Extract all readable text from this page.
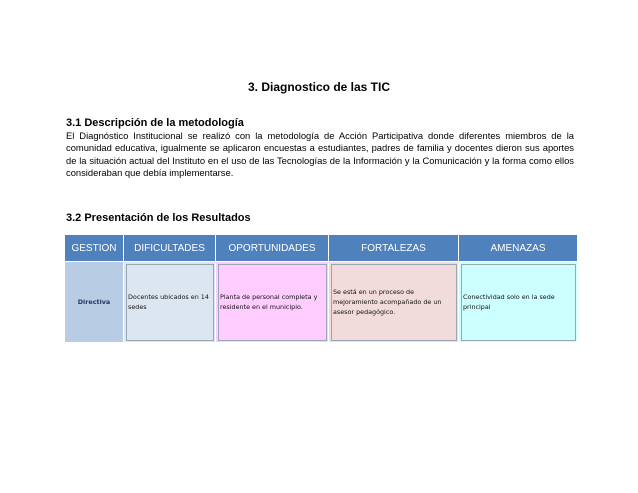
3. Diagnostico de las TIC
3.1 Descripción de la metodología
El Diagnóstico Institucional se realizó con la metodología de Acción Participativa donde diferentes miembros de la comunidad educativa, igualmente se aplicaron encuestas a estudiantes, padres de familia y docentes dieron sus aportes de la situación actual del Instituto en el uso de las Tecnologías de la Información y la Comunicación y la forma como ellos consideraban que debía implementarse.
3.2 Presentación de los Resultados
GESTION	DIFICULTADES	OPORTUNIDADES	FORTALEZAS	AMENAZAS
Directiva	Docentes ubicados en 14 sedes	Planta de personal completa y residente en el municipio.	Se está en un proceso de mejoramiento acompañado de un asesor pedagógico.	Conectividad solo en la sede principal
